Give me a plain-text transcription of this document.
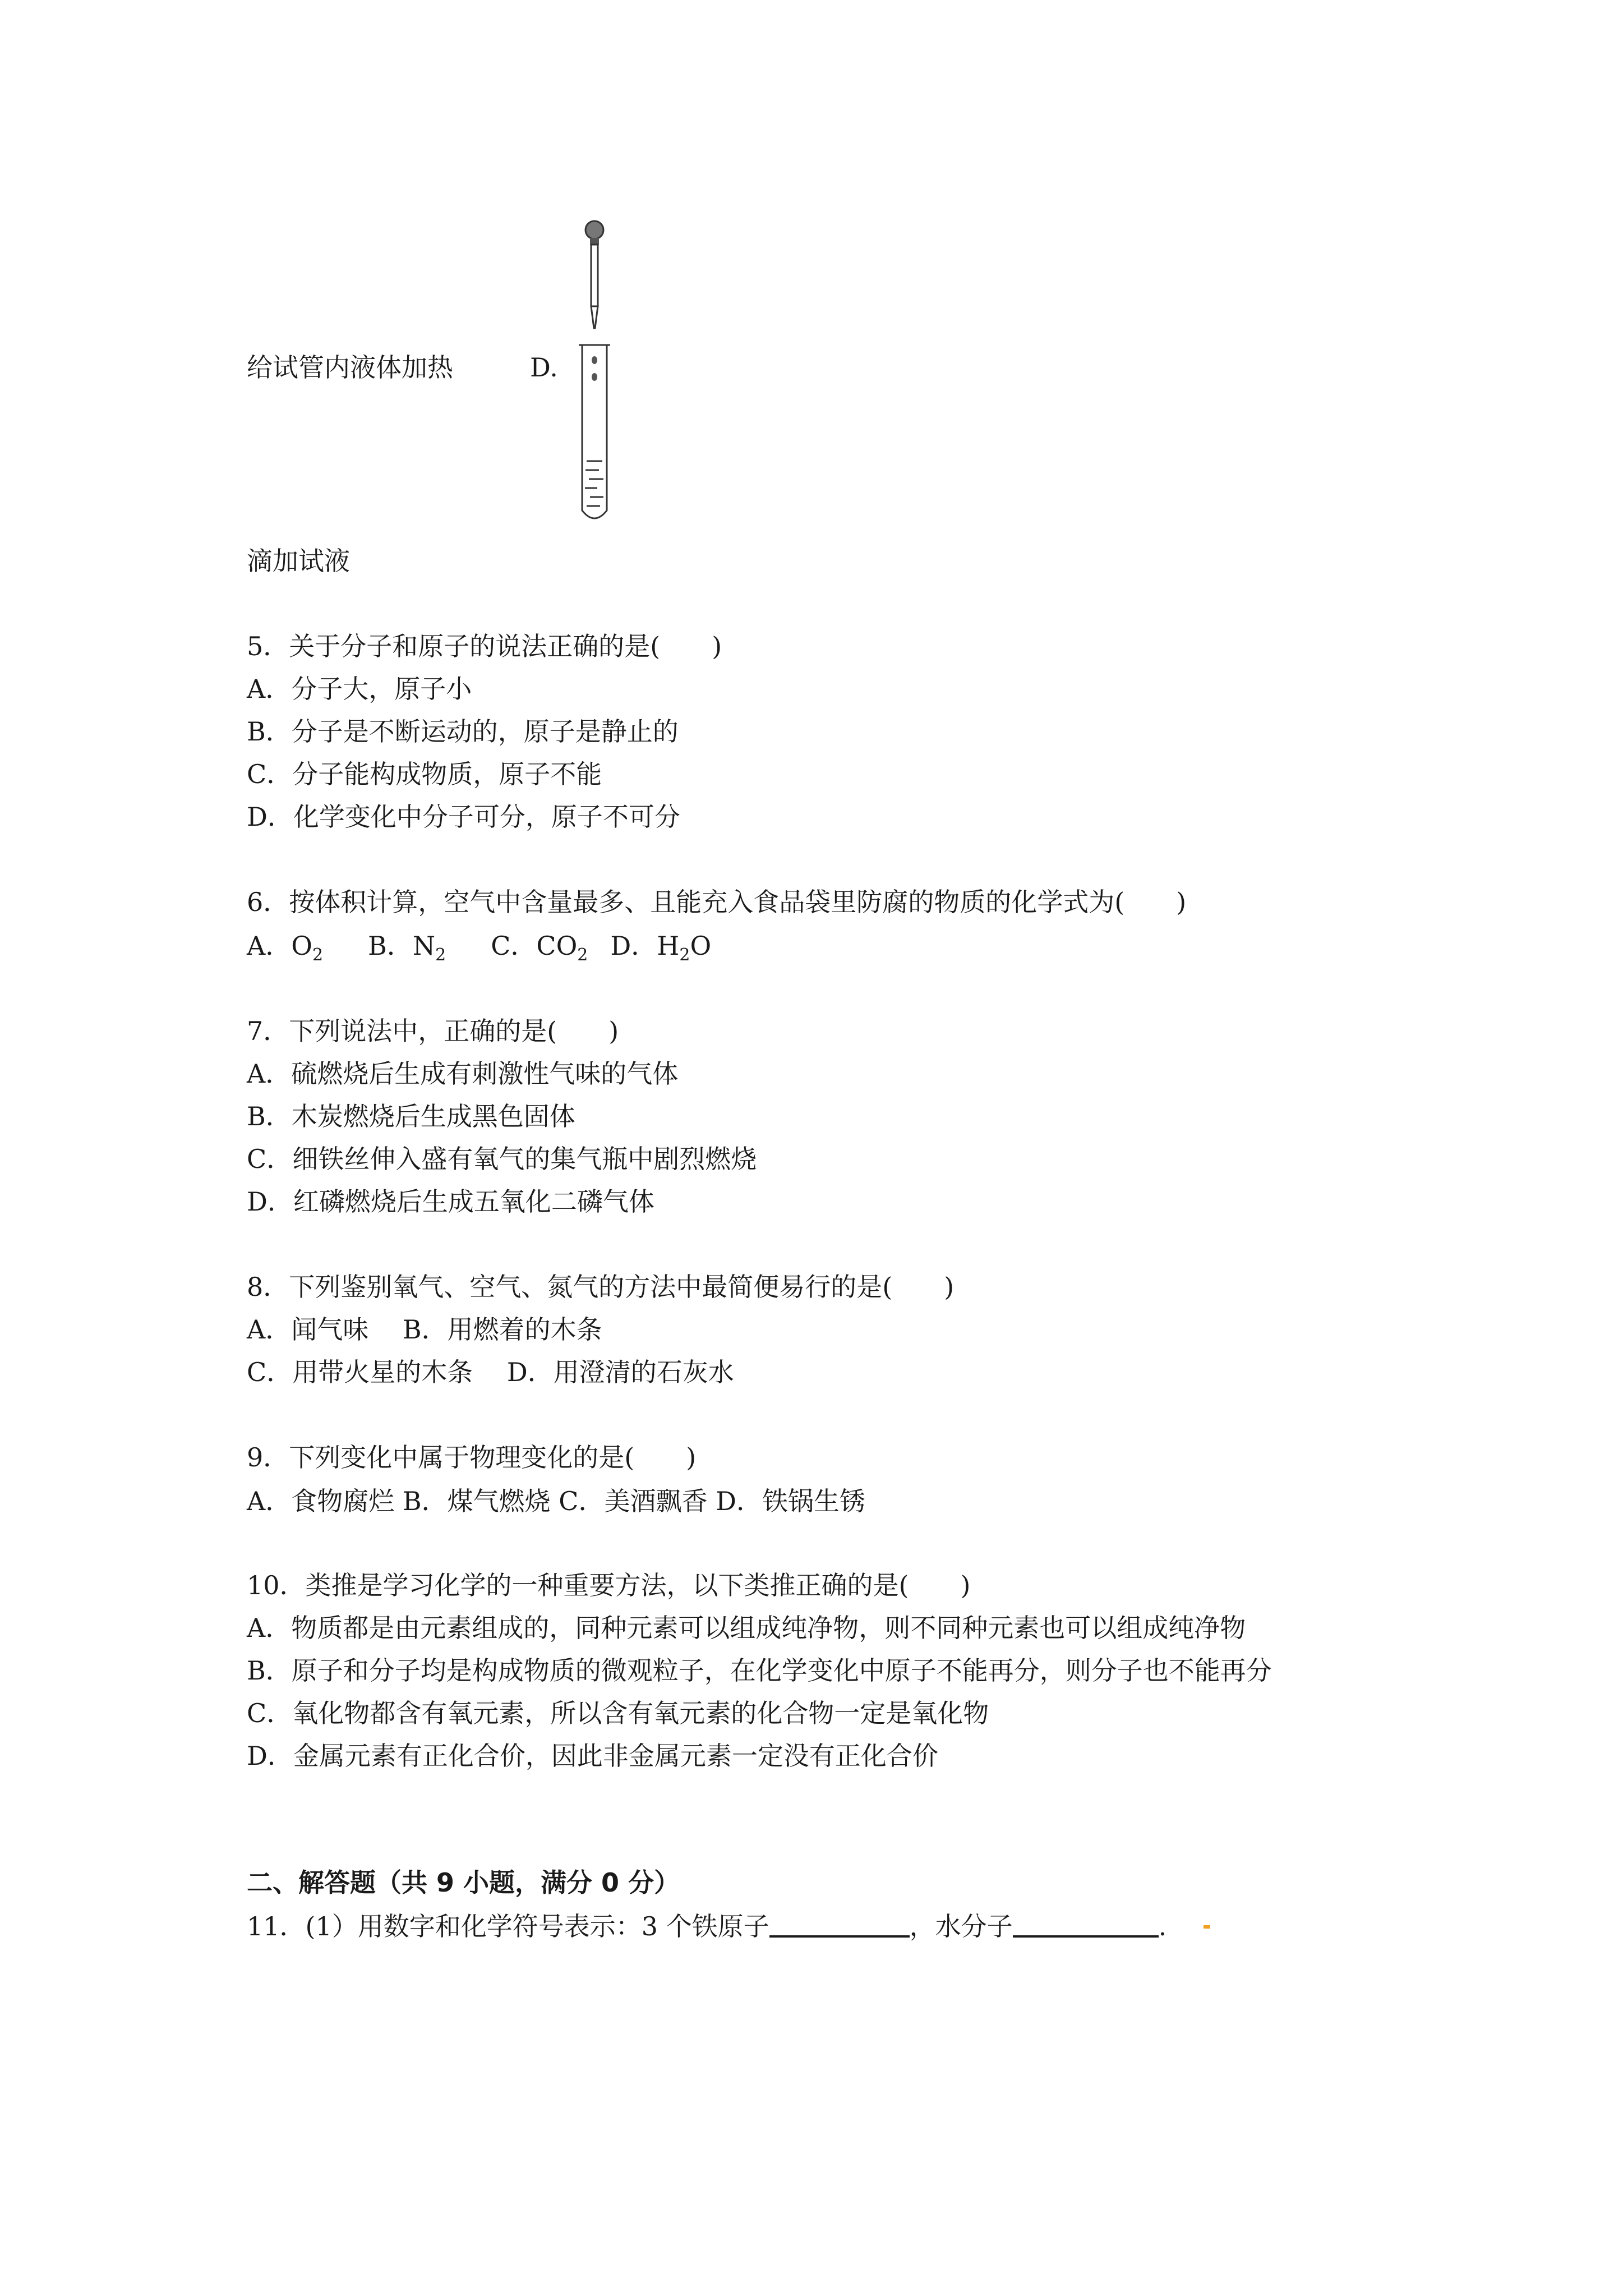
给试管内液体加热	D.
滴加试液
5．关于分子和原子的说法正确的是(　　)
A．分子大，原子小
B．分子是不断运动的，原子是静止的
C．分子能构成物质，原子不能
D．化学变化中分子可分，原子不可分
6．按体积计算，空气中含量最多、且能充入食品袋里防腐的物质的化学式为(　　)
A．$O_2$ B．$N_2$ C．$CO_2$ D．$H_2O$
7．下列说法中，正确的是(　　)
A．硫燃烧后生成有刺激性气味的气体
B．木炭燃烧后生成黑色固体
C．细铁丝伸入盛有氧气的集气瓶中剧烈燃烧
D．红磷燃烧后生成五氧化二磷气体
8．下列鉴别氧气、空气、氮气的方法中最简便易行的是(　　)
A．闻气味　 B．用燃着的木条
C．用带火星的木条　 D．用澄清的石灰水
9．下列变化中属于物理变化的是(　　)
A．食物腐烂 B．煤气燃烧 C．美酒飘香 D．铁锅生锈
10．类推是学习化学的一种重要方法，以下类推正确的是(　　)
A．物质都是由元素组成的，同种元素可以组成纯净物，则不同种元素也可以组成纯净物
B．原子和分子均是构成物质的微观粒子，在化学变化中原子不能再分，则分子也不能再分
C．氧化物都含有氧元素，所以含有氧元素的化合物一定是氧化物
D．金属元素有正化合价，因此非金属元素一定没有正化合价
二、解答题（共 9 小题，满分 0 分）
11．(1）用数字和化学符号表示：3 个铁原子	，水分子	.
